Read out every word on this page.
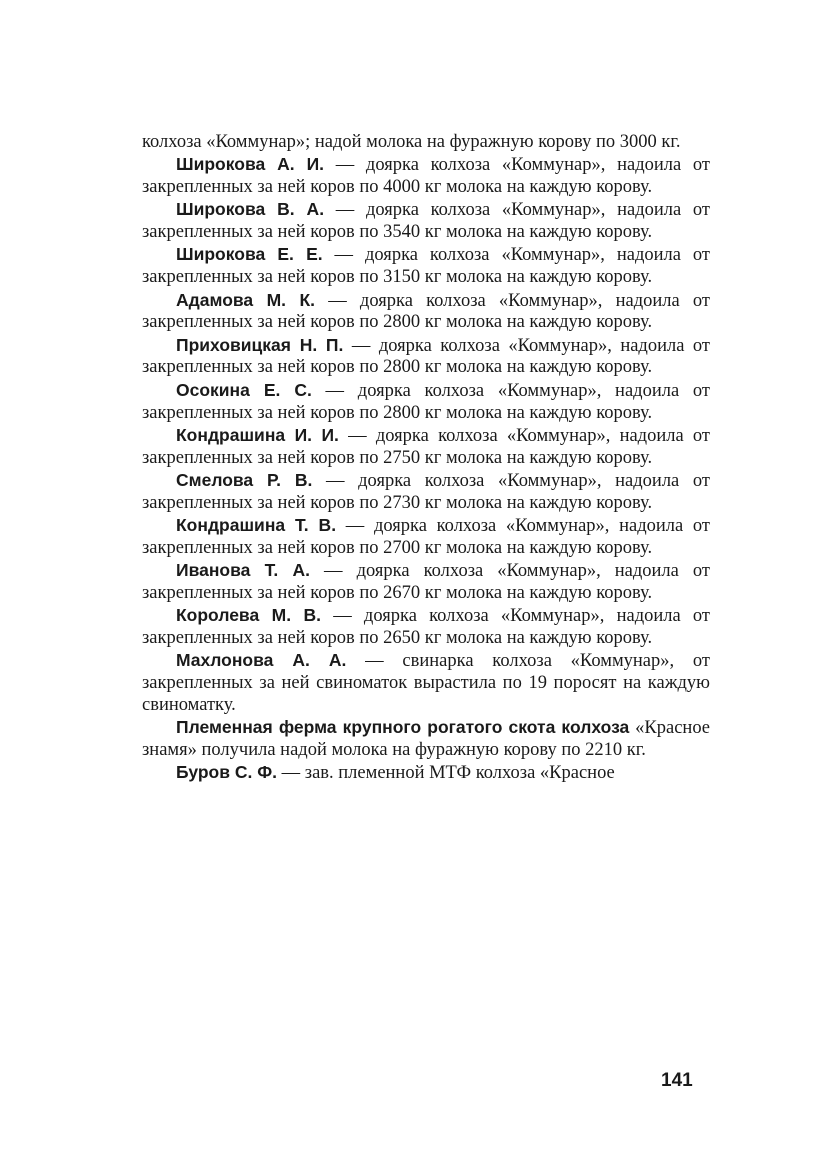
колхоза «Коммунар»; надой молока на фуражную корову по 3000 кг.

Широкова А. И. — доярка колхоза «Коммунар», надоила от закрепленных за ней коров по 4000 кг молока на каждую корову.

Широкова В. А. — доярка колхоза «Коммунар», надоила от закрепленных за ней коров по 3540 кг молока на каждую корову.

Широкова Е. Е. — доярка колхоза «Коммунар», надоила от закрепленных за ней коров по 3150 кг молока на каждую корову.

Адамова М. К. — доярка колхоза «Коммунар», надоила от закрепленных за ней коров по 2800 кг молока на каждую корову.

Приховицкая Н. П. — доярка колхоза «Коммунар», надоила от закрепленных за ней коров по 2800 кг молока на каждую корову.

Осокина Е. С. — доярка колхоза «Коммунар», надоила от закрепленных за ней коров по 2800 кг молока на каждую корову.

Кондрашина И. И. — доярка колхоза «Коммунар», надоила от закрепленных за ней коров по 2750 кг молока на каждую корову.

Смелова Р. В. — доярка колхоза «Коммунар», надоила от закрепленных за ней коров по 2730 кг молока на каждую корову.

Кондрашина Т. В. — доярка колхоза «Коммунар», надоила от закрепленных за ней коров по 2700 кг молока на каждую корову.

Иванова Т. А. — доярка колхоза «Коммунар», надоила от закрепленных за ней коров по 2670 кг молока на каждую корову.

Королева М. В. — доярка колхоза «Коммунар», надоила от закрепленных за ней коров по 2650 кг молока на каждую корову.

Махлонова А. А. — свинарка колхоза «Коммунар», от закрепленных за ней свиноматок вырастила по 19 поросят на каждую свиноматку.

Племенная ферма крупного рогатого скота колхоза «Красное знамя» получила надой молока на фуражную корову по 2210 кг.

Буров С. Ф. — зав. племенной МТФ колхоза «Красное

141
